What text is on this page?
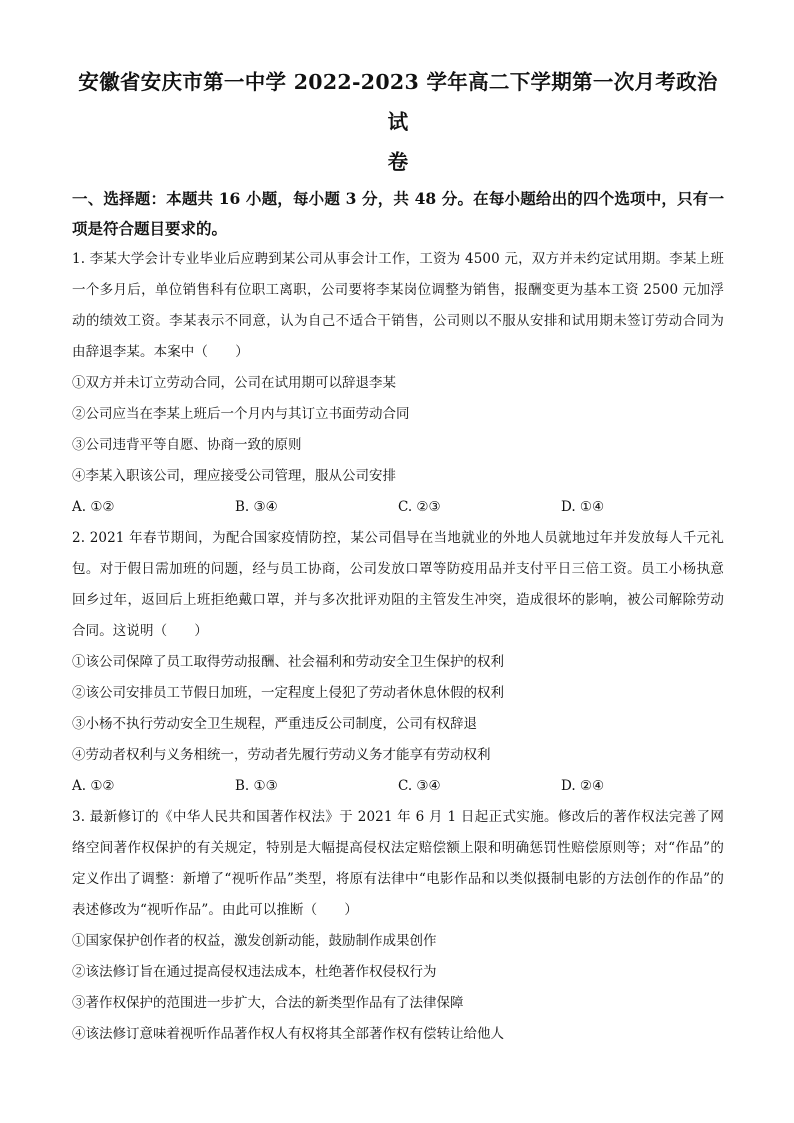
安徽省安庆市第一中学 2022-2023 学年高二下学期第一次月考政治试
卷

一、选择题：本题共 16 小题，每小题 3 分，共 48 分。在每小题给出的四个选项中，只有一项是符合题目要求的。

1. 李某大学会计专业毕业后应聘到某公司从事会计工作，工资为 4500 元，双方并未约定试用期。李某上班一个多月后，单位销售科有位职工离职，公司要将李某岗位调整为销售，报酬变更为基本工资 2500 元加浮动的绩效工资。李某表示不同意，认为自己不适合干销售，公司则以不服从安排和试用期未签订劳动合同为由辞退李某。本案中（　　）

①双方并未订立劳动合同，公司在试用期可以辞退李某

②公司应当在李某上班后一个月内与其订立书面劳动合同

③公司违背平等自愿、协商一致的原则

④李某入职该公司，理应接受公司管理，服从公司安排

A. ①②	B. ③④	C. ②③	D. ①④

2. 2021 年春节期间，为配合国家疫情防控，某公司倡导在当地就业的外地人员就地过年并发放每人千元礼包。对于假日需加班的问题，经与员工协商，公司发放口罩等防疫用品并支付平日三倍工资。员工小杨执意回乡过年，返回后上班拒绝戴口罩，并与多次批评劝阻的主管发生冲突，造成很坏的影响，被公司解除劳动合同。这说明（　　）

①该公司保障了员工取得劳动报酬、社会福利和劳动安全卫生保护的权利

②该公司安排员工节假日加班，一定程度上侵犯了劳动者休息休假的权利

③小杨不执行劳动安全卫生规程，严重违反公司制度，公司有权辞退

④劳动者权利与义务相统一，劳动者先履行劳动义务才能享有劳动权利

A. ①②	B. ①③	C. ③④	D. ②④

3. 最新修订的《中华人民共和国著作权法》于 2021 年 6 月 1 日起正式实施。修改后的著作权法完善了网络空间著作权保护的有关规定，特别是大幅提高侵权法定赔偿额上限和明确惩罚性赔偿原则等；对“作品”的定义作出了调整：新增了“视听作品”类型，将原有法律中“电影作品和以类似摄制电影的方法创作的作品”的表述修改为“视听作品”。由此可以推断（　　）

①国家保护创作者的权益，激发创新动能，鼓励制作成果创作

②该法修订旨在通过提高侵权违法成本，杜绝著作权侵权行为

③著作权保护的范围进一步扩大，合法的新类型作品有了法律保障

④该法修订意味着视听作品著作权人有权将其全部著作权有偿转让给他人
